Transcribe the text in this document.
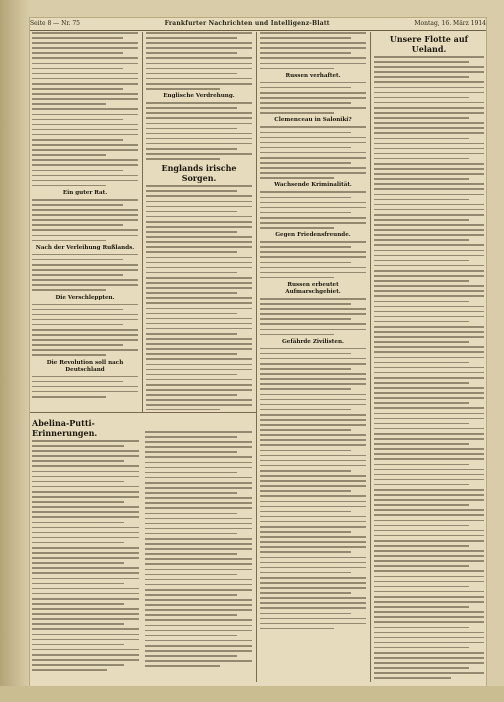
Seite 8 — Nr. 75	Frankfurter Nachrichten und Intelligenz-Blatt	Montag, 16. März 1914
Ein guter Rat.
Nach der Verleihung Rußlands.
Die Verschleppten.
Die Revolution soll nach Deutschland
Englische Verdrehung.
Englands irische Sorgen.
Russen verhaftet.
Clemenceau in Saloniki?
Wachsende Kriminalität.
Gegen Friedensfreunde.
Russen erbeutet Aufmarschgebiet.
Gefährde Zivilisten.
Unsere Flotte auf Ueland.
Abelina-Putti-Erinnerungen.
